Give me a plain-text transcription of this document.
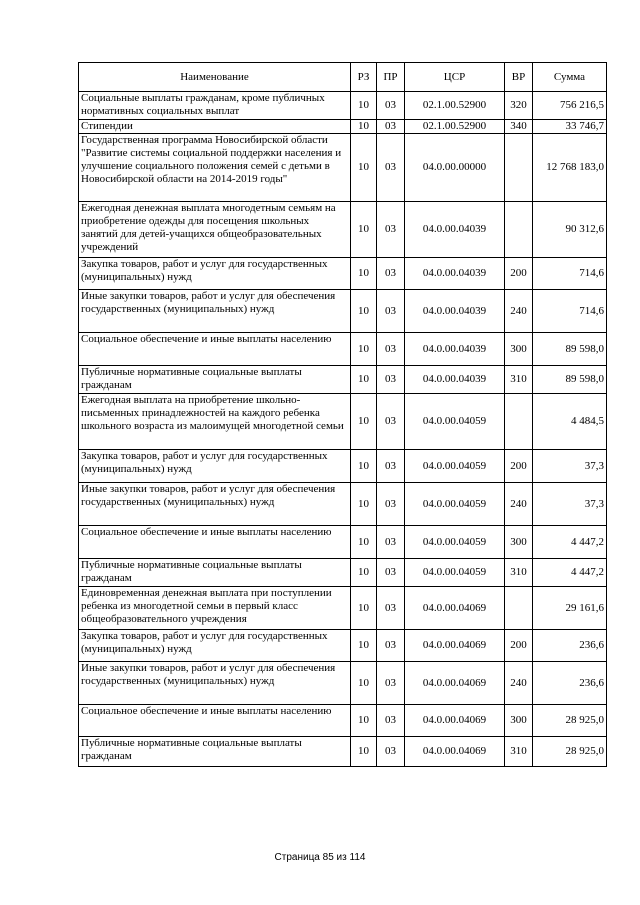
Наименование	РЗ	ПР	ЦСР	ВР	Сумма
Социальные выплаты гражданам, кроме публичных нормативных социальных выплат	10	03	02.1.00.52900	320	756 216,5
Стипендии	10	03	02.1.00.52900	340	33 746,7
Государственная программа Новосибирской области "Развитие системы социальной поддержки населения и улучшение социального положения семей с детьми в Новосибирской области на 2014-2019 годы"	10	03	04.0.00.00000		12 768 183,0
Ежегодная денежная выплата многодетным семьям на приобретение одежды для посещения школьных занятий для детей-учащихся общеобразовательных учреждений	10	03	04.0.00.04039		90 312,6
Закупка товаров, работ и услуг для государственных (муниципальных) нужд	10	03	04.0.00.04039	200	714,6
Иные закупки товаров, работ и услуг для обеспечения государственных (муниципальных) нужд	10	03	04.0.00.04039	240	714,6
Социальное обеспечение и иные выплаты населению	10	03	04.0.00.04039	300	89 598,0
Публичные нормативные социальные выплаты гражданам	10	03	04.0.00.04039	310	89 598,0
Ежегодная выплата на приобретение школьно-письменных принадлежностей на каждого ребенка школьного возраста из малоимущей многодетной семьи	10	03	04.0.00.04059		4 484,5
Закупка товаров, работ и услуг для государственных (муниципальных) нужд	10	03	04.0.00.04059	200	37,3
Иные закупки товаров, работ и услуг для обеспечения государственных (муниципальных) нужд	10	03	04.0.00.04059	240	37,3
Социальное обеспечение и иные выплаты населению	10	03	04.0.00.04059	300	4 447,2
Публичные нормативные социальные выплаты гражданам	10	03	04.0.00.04059	310	4 447,2
Единовременная денежная выплата при поступлении ребенка из многодетной семьи в первый класс общеобразовательного учреждения	10	03	04.0.00.04069		29 161,6
Закупка товаров, работ и услуг для государственных (муниципальных) нужд	10	03	04.0.00.04069	200	236,6
Иные закупки товаров, работ и услуг для обеспечения государственных (муниципальных) нужд	10	03	04.0.00.04069	240	236,6
Социальное обеспечение и иные выплаты населению	10	03	04.0.00.04069	300	28 925,0
Публичные нормативные социальные выплаты гражданам	10	03	04.0.00.04069	310	28 925,0
Страница 85 из 114
